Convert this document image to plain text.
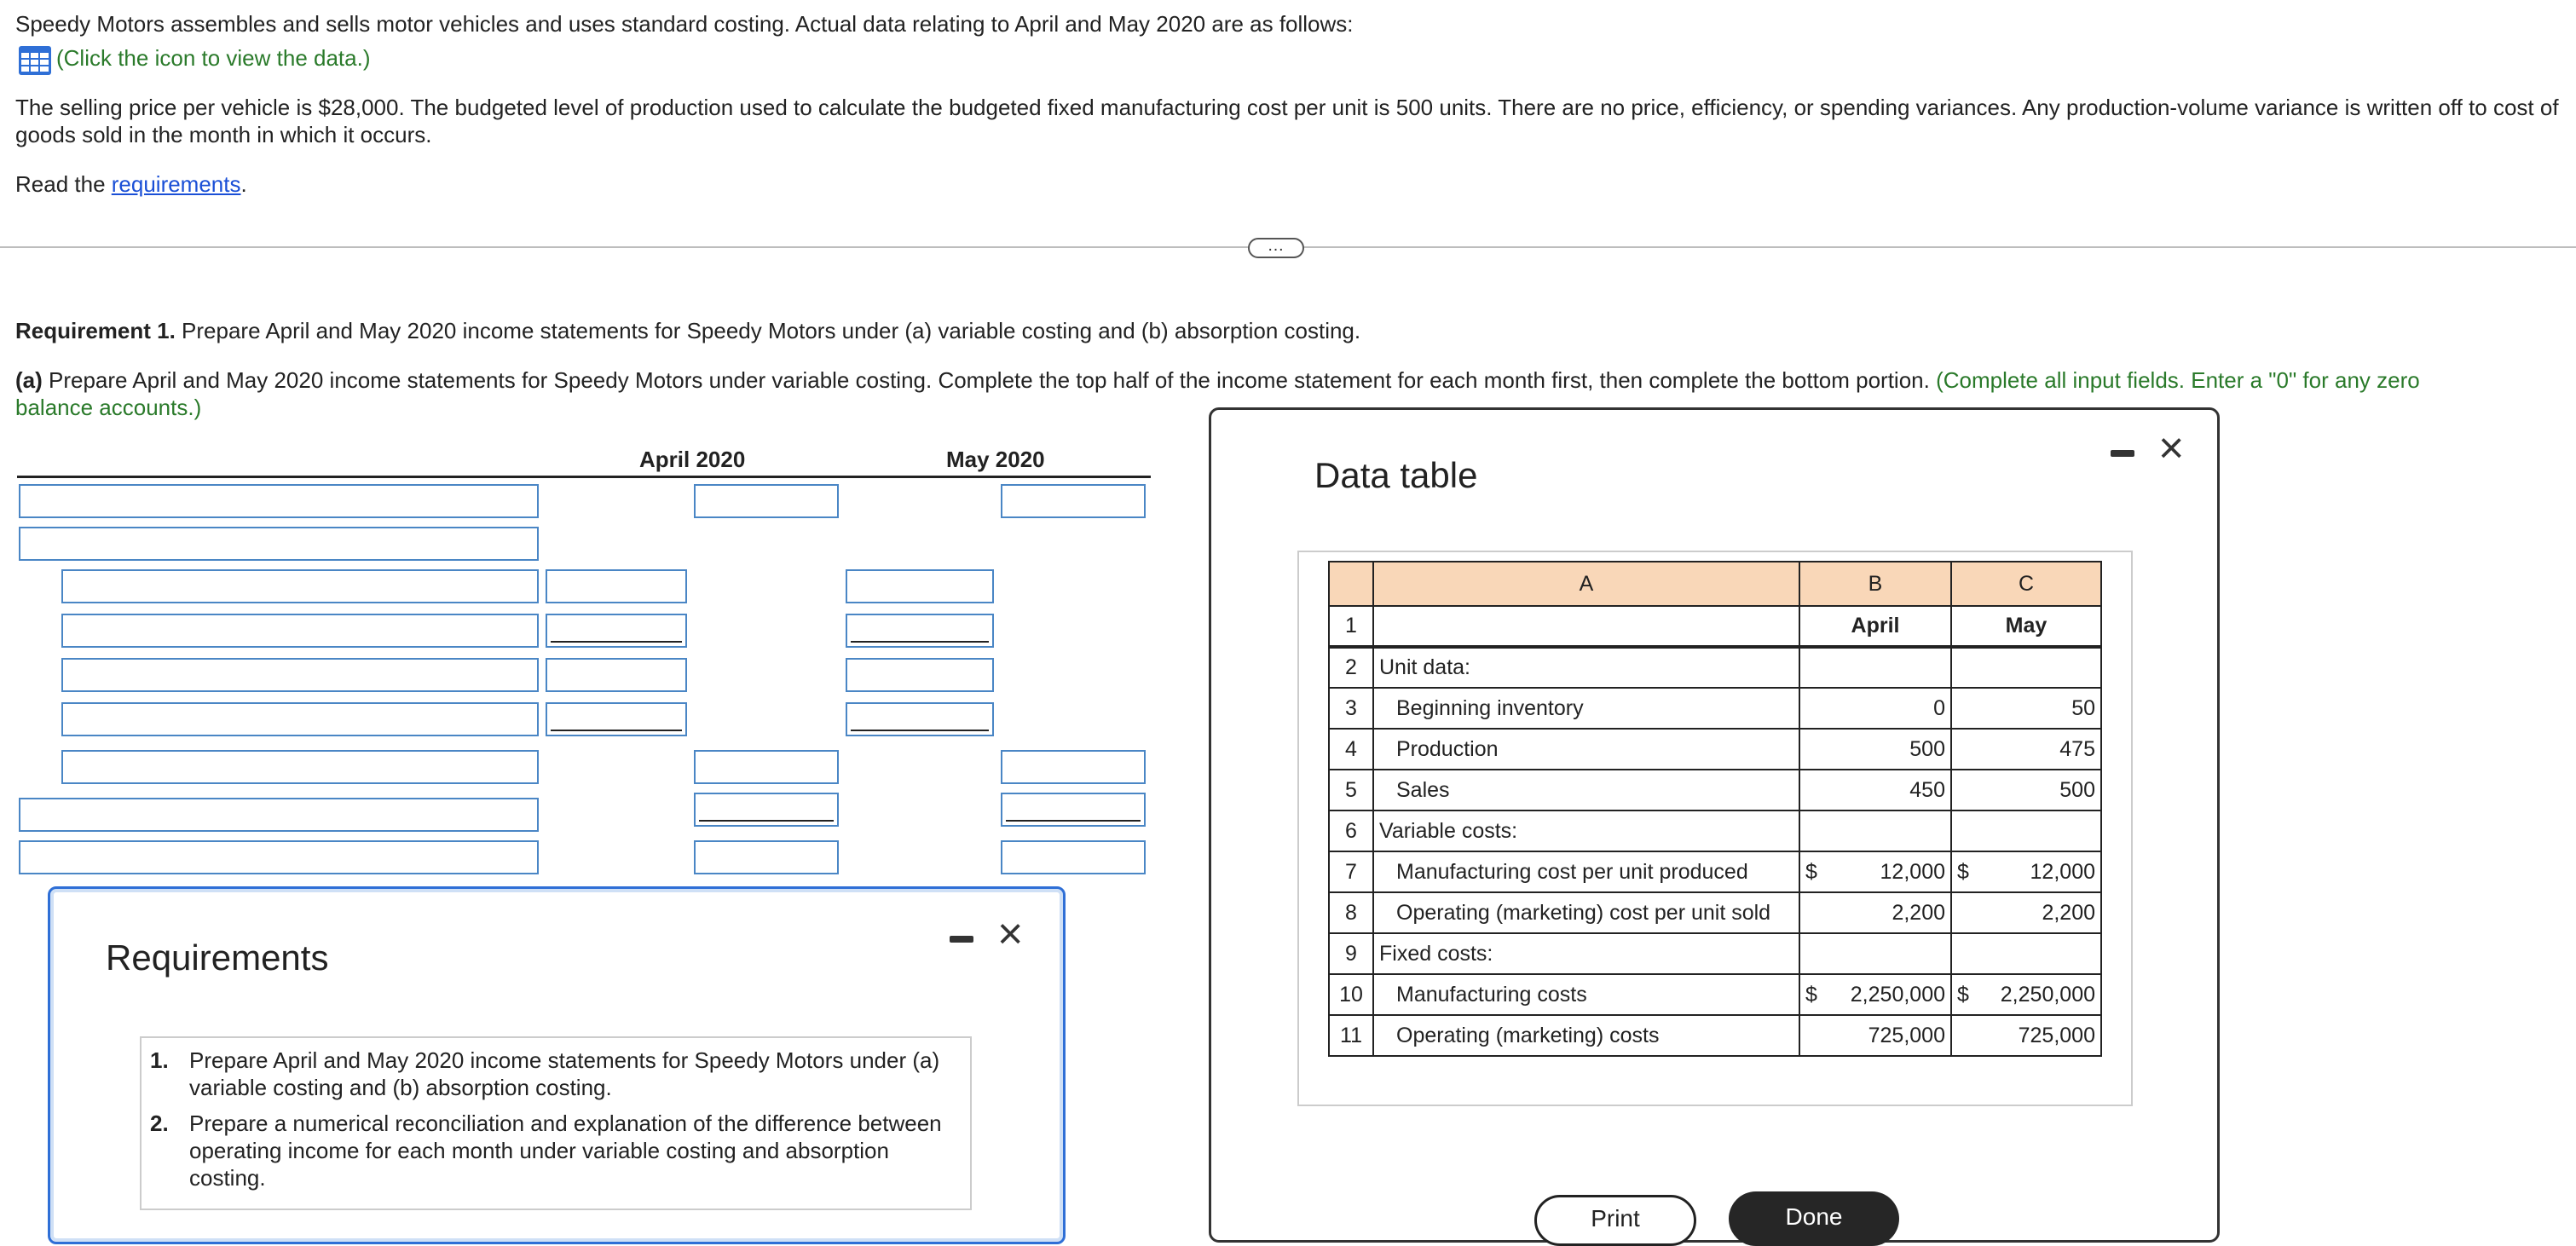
Speedy Motors assembles and sells motor vehicles and uses standard costing. Actual data relating to April and May 2020 are as follows:
(Click the icon to view the data.)
The selling price per vehicle is $28,000. The budgeted level of production used to calculate the budgeted fixed manufacturing cost per unit is 500 units. There are no price, efficiency, or spending variances. Any production-volume variance is written off to cost of
goods sold in the month in which it occurs.
Read the requirements.
…
Requirement 1. Prepare April and May 2020 income statements for Speedy Motors under (a) variable costing and (b) absorption costing.
(a) Prepare April and May 2020 income statements for Speedy Motors under variable costing. Complete the top half of the income statement for each month first, then complete the bottom portion. (Complete all input fields. Enter a "0" for any zero
balance accounts.)
April 2020	May 2020
Requirements	×
1. Prepare April and May 2020 income statements for Speedy Motors under (a) variable costing and (b) absorption costing.
2. Prepare a numerical reconciliation and explanation of the difference between operating income for each month under variable costing and absorption costing.
Data table
×
	A	B	C
1		April	May

2	Unit data:	

3	Beginning inventory	0	50

4	Production	500	475

5	Sales	450	500

6	Variable costs:	

7	Manufacturing cost per unit produced	$ 12,000	$ 12,000

8	Operating (marketing) cost per unit sold	2,200	2,200

9	Fixed costs:	

10	Manufacturing costs	$ 2,250,000	$ 2,250,000

11	Operating (marketing) costs	725,000	725,000
Print	Done
